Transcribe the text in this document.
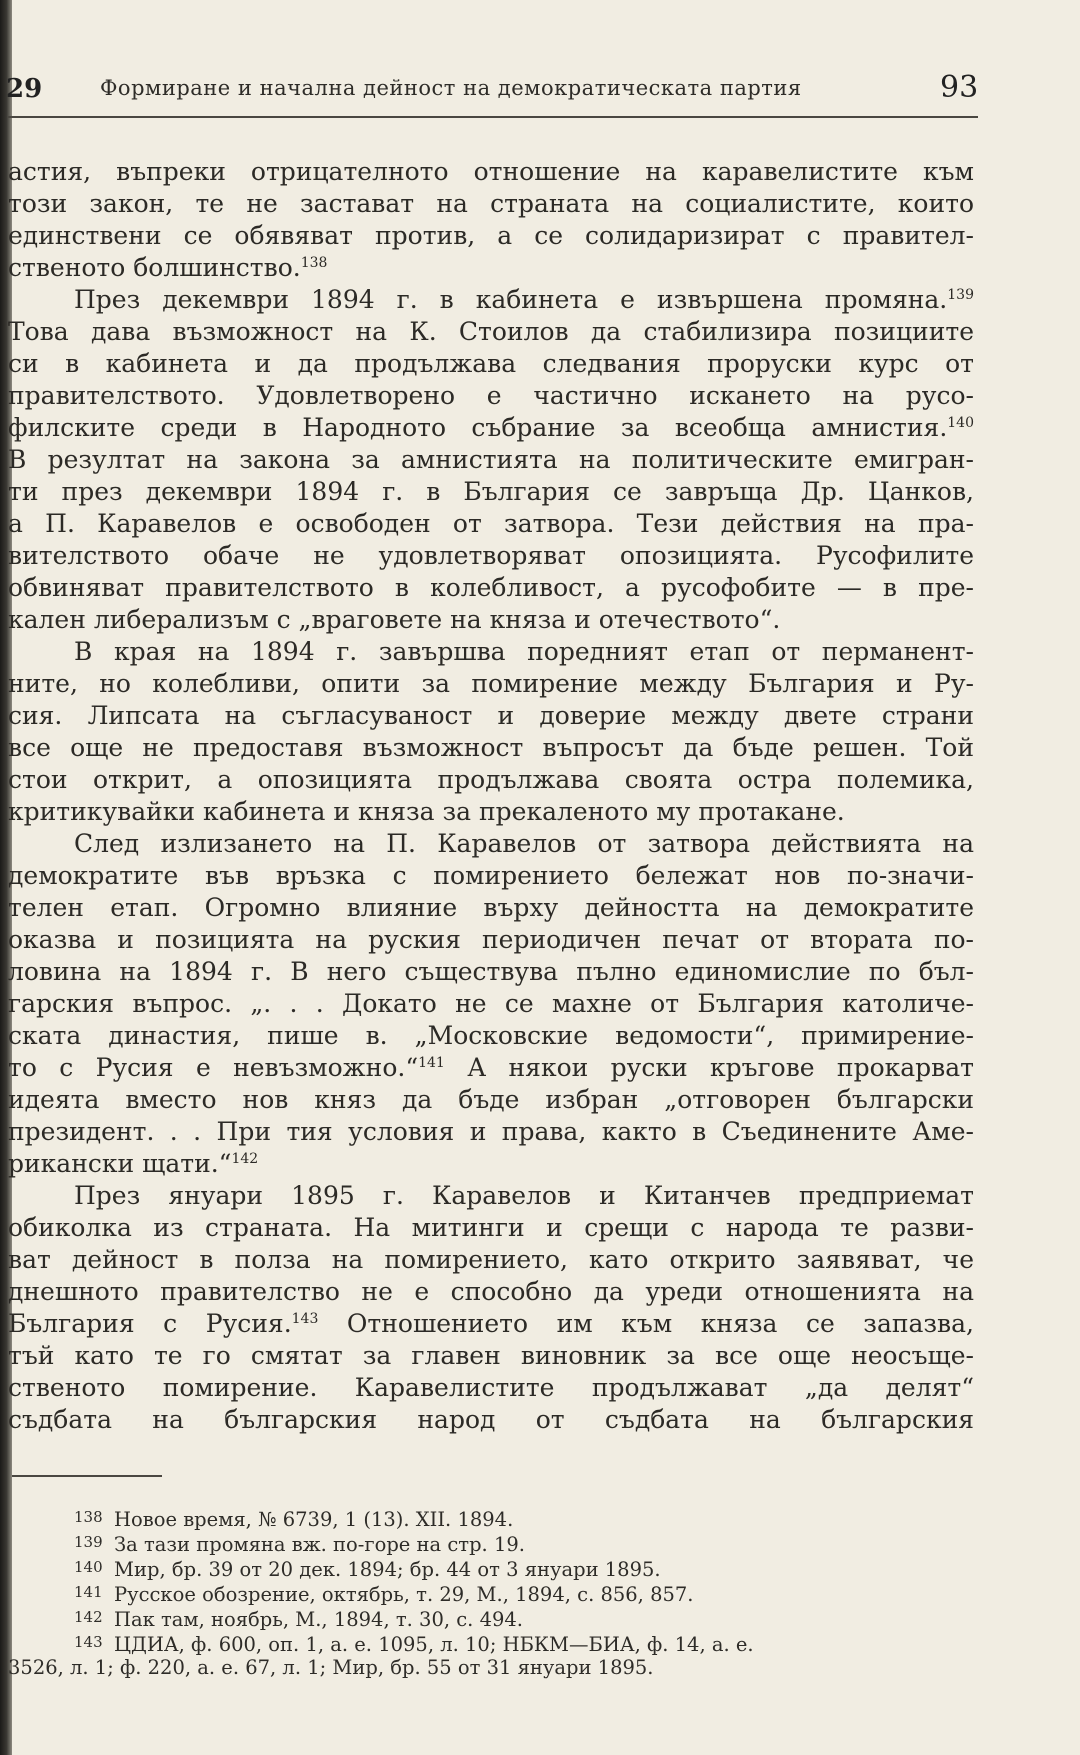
29	Формиране и начална дейност на демократическата партия	93
астия, въпреки отрицателното отношение на каравелистите към
този закон, те не застават на страната на социалистите, които
единствени се обявяват против, а се солидаризират с правител-
ственото болшинство.$^{138}$
През декември 1894 г. в кабинета е извършена промяна.$^{139}$
Това дава възможност на К. Стоилов да стабилизира позициите
си в кабинета и да продължава следвания проруски курс от
правителството. Удовлетворено е частично искането на русо-
филските среди в Народното събрание за всеобща амнистия.$^{140}$
В резултат на закона за амнистията на политическите емигран-
ти през декември 1894 г. в България се завръща Др. Цанков,
а П. Каравелов е освободен от затвора. Тези действия на пра-
вителството обаче не удовлетворяват опозицията. Русофилите
обвиняват правителството в колебливост, а русофобите — в пре-
кален либерализъм с „враговете на княза и отечеството“.
В края на 1894 г. завършва поредният етап от перманент-
ните, но колебливи, опити за помирение между България и Ру-
сия. Липсата на съгласуваност и доверие между двете страни
все още не предоставя възможност въпросът да бъде решен. Той
стои открит, а опозицията продължава своята остра полемика,
критикувайки кабинета и княза за прекаленото му протакане.
След излизането на П. Каравелов от затвора действията на
демократите във връзка с помирението бележат нов по-значи-
телен етап. Огромно влияние върху дейността на демократите
оказва и позицията на руския периодичен печат от втората по-
ловина на 1894 г. В него съществува пълно единомислие по бъл-
гарския въпрос. „. . . Докато не се махне от България католиче-
ската династия, пише в. „Московские ведомости“, примирение-
то с Русия е невъзможно.“$^{141}$ А някои руски кръгове прокарват
идеята вместо нов княз да бъде избран „отговорен български
президент. . . При тия условия и права, както в Съединените Аме-
рикански щати.“$^{142}$
През януари 1895 г. Каравелов и Китанчев предприемат
обиколка из страната. На митинги и срещи с народа те разви-
ват дейност в полза на помирението, като открито заявяват, че
днешното правителство не е способно да уреди отношенията на
България с Русия.$^{143}$ Отношението им към княза се запазва,
тъй като те го смятат за главен виновник за все още неосъще-
ственото помирение. Каравелистите продължават „да делят“
съдбата на българския народ от съдбата на българския
138 Новое время, № 6739, 1 (13). XII. 1894.
139 За тази промяна вж. по-горе на стр. 19.
140 Мир, бр. 39 от 20 дек. 1894; бр. 44 от 3 януари 1895.
141 Русское обозрение, октябрь, т. 29, М., 1894, с. 856, 857.
142 Пак там, ноябрь, М., 1894, т. 30, с. 494.
143 ЦДИА, ф. 600, оп. 1, а. е. 1095, л. 10; НБКМ—БИА, ф. 14, а. е.
3526, л. 1; ф. 220, а. е. 67, л. 1; Мир, бр. 55 от 31 януари 1895.
